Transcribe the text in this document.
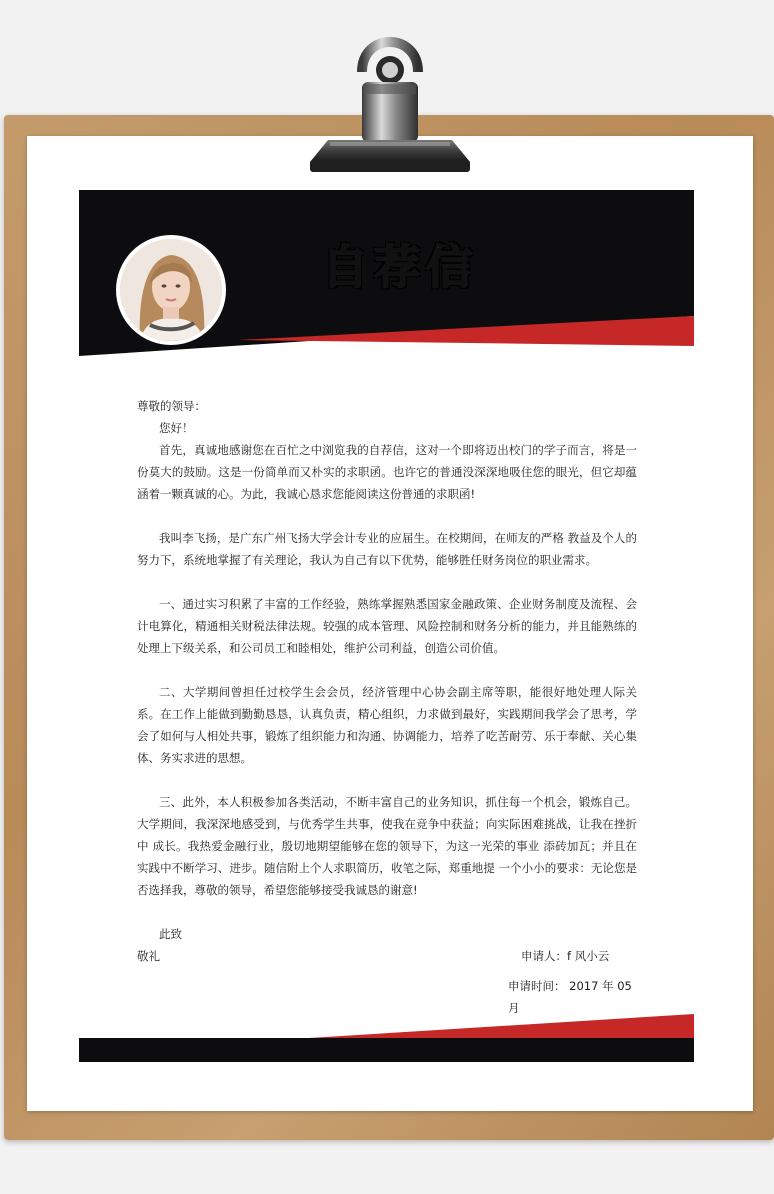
自荐信

尊敬的领导：

您好！

首先，真诚地感谢您在百忙之中浏览我的自荐信，这对一个即将迈出校门的学子而言，将是一份莫大的鼓励。这是一份简单而又朴实的求职函。也许它的普通没深深地吸住您的眼光，但它却蕴涵着一颗真诚的心。为此，我诚心恳求您能阅读这份普通的求职函!

我叫李飞扬，是广东广州飞扬大学会计专业的应届生。在校期间，在师友的严格 教益及个人的努力下，系统地掌握了有关理论，我认为自己有以下优势，能够胜任财务岗位的职业需求。

一、通过实习积累了丰富的工作经验，熟练掌握熟悉国家金融政策、企业财务制度及流程、会计电算化，精通相关财税法律法规。较强的成本管理、风险控制和财务分析的能力，并且能熟练的处理上下级关系，和公司员工和睦相处，维护公司利益，创造公司价值。

二、大学期间曾担任过校学生会会员，经济管理中心协会副主席等职，能很好地处理人际关系。在工作上能做到勤勤恳恳，认真负责，精心组织，力求做到最好，实践期间我学会了思考，学会了如何与人相处共事，锻炼了组织能力和沟通、协调能力，培养了吃苦耐劳、乐于奉献、关心集体、务实求进的思想。

三、此外，本人积极参加各类活动，不断丰富自己的业务知识，抓住每一个机会，锻炼自己。大学期间，我深深地感受到，与优秀学生共事，使我在竞争中获益；向实际困难挑战，让我在挫折中 成长。我热爱金融行业，殷切地期望能够在您的领导下，为这一光荣的事业 添砖加瓦；并且在实践中不断学习、进步。随信附上个人求职简历，收笔之际，郑重地提 一个小小的要求：无论您是否选择我，尊敬的领导，希望您能够接受我诚恳的谢意!

此致

敬礼	申请人：f 风小云
申请时间： 2017 年 05 月
